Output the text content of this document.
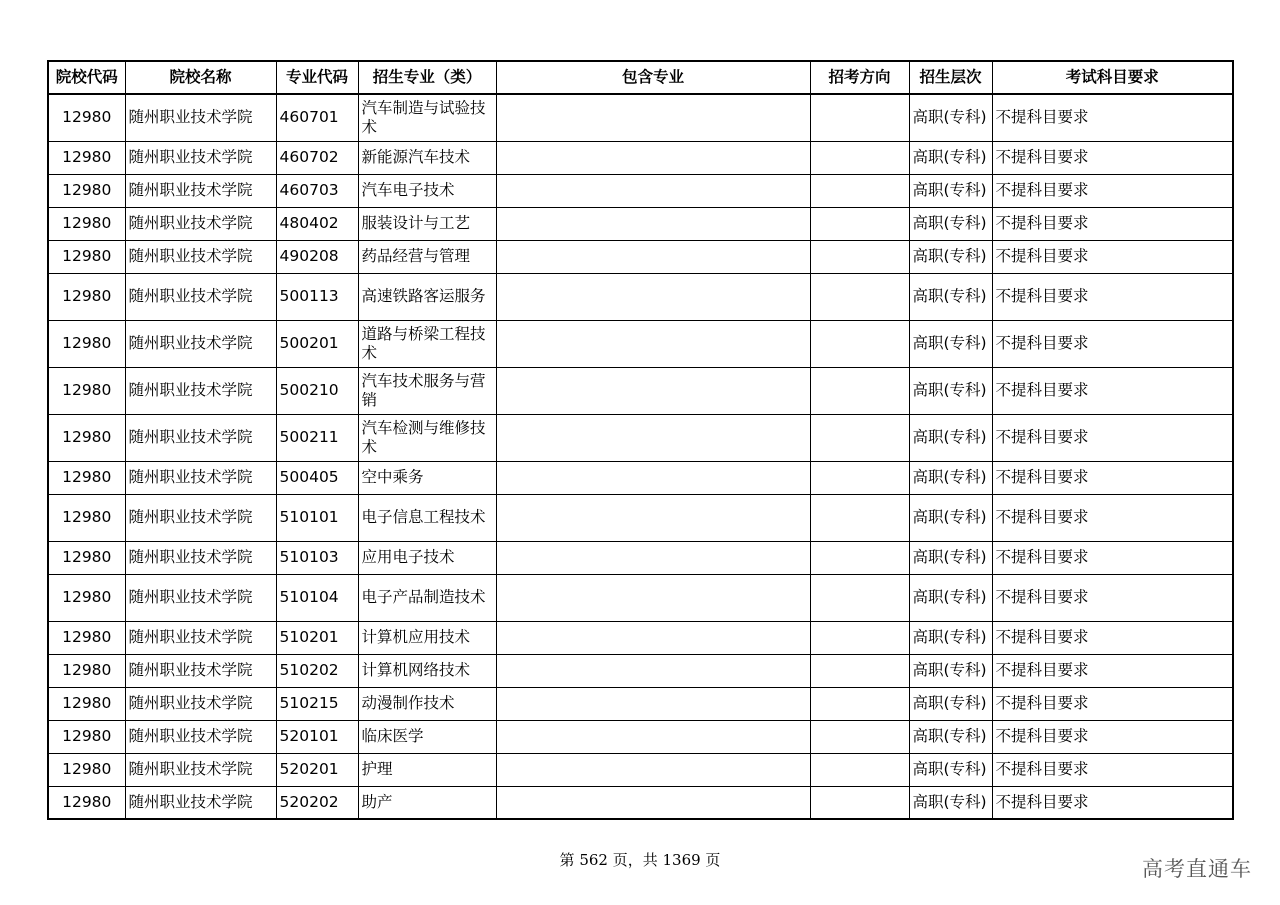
院校代码	院校名称	专业代码	招生专业（类）	包含专业	招考方向	招生层次	考试科目要求
12980	随州职业技术学院	460701	汽车制造与试验技术			高职(专科)	不提科目要求
12980	随州职业技术学院	460702	新能源汽车技术			高职(专科)	不提科目要求
12980	随州职业技术学院	460703	汽车电子技术			高职(专科)	不提科目要求
12980	随州职业技术学院	480402	服装设计与工艺			高职(专科)	不提科目要求
12980	随州职业技术学院	490208	药品经营与管理			高职(专科)	不提科目要求
12980	随州职业技术学院	500113	高速铁路客运服务			高职(专科)	不提科目要求
12980	随州职业技术学院	500201	道路与桥梁工程技术			高职(专科)	不提科目要求
12980	随州职业技术学院	500210	汽车技术服务与营销			高职(专科)	不提科目要求
12980	随州职业技术学院	500211	汽车检测与维修技术			高职(专科)	不提科目要求
12980	随州职业技术学院	500405	空中乘务			高职(专科)	不提科目要求
12980	随州职业技术学院	510101	电子信息工程技术			高职(专科)	不提科目要求
12980	随州职业技术学院	510103	应用电子技术			高职(专科)	不提科目要求
12980	随州职业技术学院	510104	电子产品制造技术			高职(专科)	不提科目要求
12980	随州职业技术学院	510201	计算机应用技术			高职(专科)	不提科目要求
12980	随州职业技术学院	510202	计算机网络技术			高职(专科)	不提科目要求
12980	随州职业技术学院	510215	动漫制作技术			高职(专科)	不提科目要求
12980	随州职业技术学院	520101	临床医学			高职(专科)	不提科目要求
12980	随州职业技术学院	520201	护理			高职(专科)	不提科目要求
12980	随州职业技术学院	520202	助产			高职(专科)	不提科目要求
第 562 页，共 1369 页	高考直通车
